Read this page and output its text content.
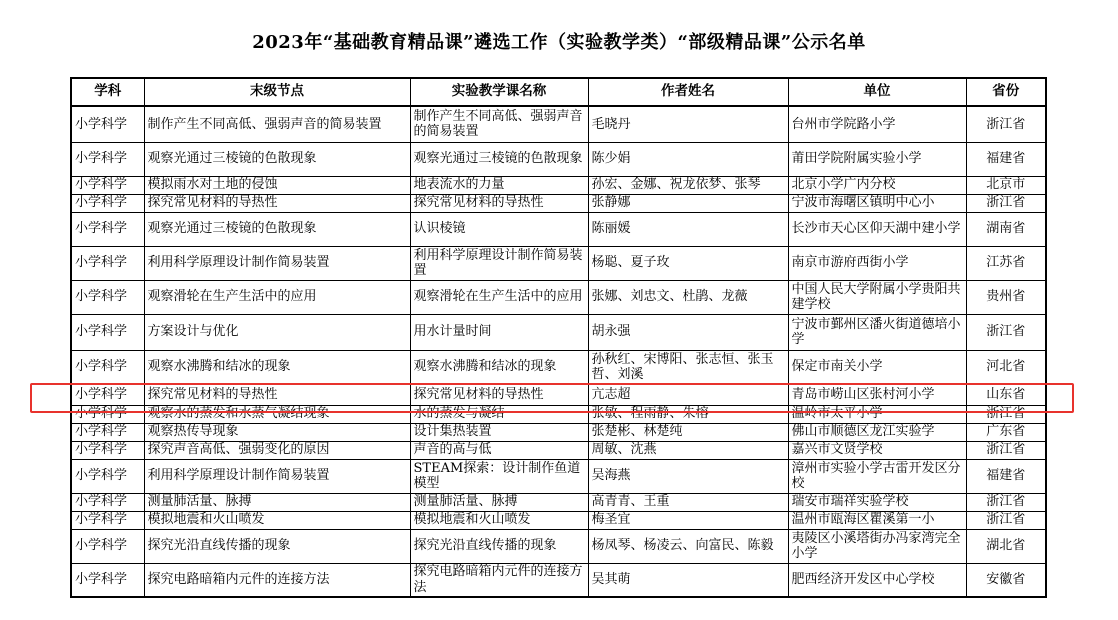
2023年“基础教育精品课”遴选工作（实验教学类）“部级精品课”公示名单
学科	末级节点	实验教学课名称	作者姓名	单位	省份
小学科学	制作产生不同高低、强弱声音的简易装置	制作产生不同高低、强弱声音的简易装置	毛晓丹	台州市学院路小学	浙江省
小学科学	观察光通过三棱镜的色散现象	观察光通过三棱镜的色散现象	陈少娟	莆田学院附属实验小学	福建省
小学科学	模拟雨水对土地的侵蚀	地表流水的力量	孙宏、金娜、祝龙依梦、张琴	北京小学广内分校	北京市
小学科学	探究常见材料的导热性	探究常见材料的导热性	张静娜	宁波市海曙区镇明中心小	浙江省
小学科学	观察光通过三棱镜的色散现象	认识棱镜	陈丽媛	长沙市天心区仰天湖中建小学	湖南省
小学科学	利用科学原理设计制作简易装置	利用科学原理设计制作简易装置	杨聪、夏子玫	南京市游府西街小学	江苏省
小学科学	观察滑轮在生产生活中的应用	观察滑轮在生产生活中的应用	张娜、刘忠文、杜鹃、龙薇	中国人民大学附属小学贵阳共建学校	贵州省
小学科学	方案设计与优化	用水计量时间	胡永强	宁波市鄞州区潘火街道德培小学	浙江省
小学科学	观察水沸腾和结冰的现象	观察水沸腾和结冰的现象	孙秋红、宋博阳、张志恒、张玉哲、刘溪	保定市南关小学	河北省
小学科学	探究常见材料的导热性	探究常见材料的导热性	亢志超	青岛市崂山区张村河小学	山东省
小学科学	观察水的蒸发和水蒸气凝结现象	水的蒸发与凝结	张敏、程雨静、朱榕	温岭市太平小学	浙江省
小学科学	观察热传导现象	设计集热装置	张楚彬、林楚纯	佛山市顺德区龙江实验学	广东省
小学科学	探究声音高低、强弱变化的原因	声音的高与低	周敏、沈燕	嘉兴市文贤学校	浙江省
小学科学	利用科学原理设计制作简易装置	STEAM探索：设计制作鱼道模型	吴海燕	漳州市实验小学古雷开发区分校	福建省
小学科学	测量肺活量、脉搏	测量肺活量、脉搏	高青青、王重	瑞安市瑞祥实验学校	浙江省
小学科学	模拟地震和火山喷发	模拟地震和火山喷发	梅圣宜	温州市瓯海区瞿溪第一小	浙江省
小学科学	探究光沿直线传播的现象	探究光沿直线传播的现象	杨凤琴、杨凌云、向富民、陈毅	夷陵区小溪塔街办冯家湾完全小学	湖北省
小学科学	探究电路暗箱内元件的连接方法	探究电路暗箱内元件的连接方法	吴其萌	肥西经济开发区中心学校	安徽省
